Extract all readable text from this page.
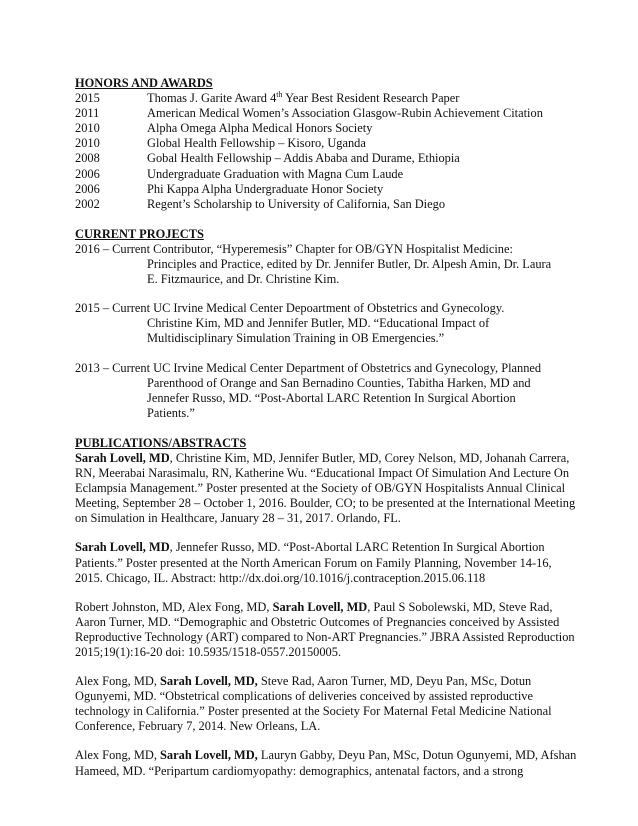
HONORS AND AWARDS
2015	Thomas J. Garite Award 4th Year Best Resident Research Paper
2011	American Medical Women’s Association Glasgow-Rubin Achievement Citation
2010	Alpha Omega Alpha Medical Honors Society
2010	Global Health Fellowship – Kisoro, Uganda
2008	Gobal Health Fellowship – Addis Ababa and Durame, Ethiopia
2006	Undergraduate Graduation with Magna Cum Laude
2006	Phi Kappa Alpha Undergraduate Honor Society
2002	Regent’s Scholarship to University of California, San Diego
CURRENT PROJECTS
2016 – Current Contributor, “Hyperemesis” Chapter for OB/GYN Hospitalist Medicine:
Principles and Practice, edited by Dr. Jennifer Butler, Dr. Alpesh Amin, Dr. Laura
E. Fitzmaurice, and Dr. Christine Kim.
2015 – Current UC Irvine Medical Center Depoartment of Obstetrics and Gynecology.
Christine Kim, MD and Jennifer Butler, MD. “Educational Impact of
Multidisciplinary Simulation Training in OB Emergencies.”
2013 – Current UC Irvine Medical Center Department of Obstetrics and Gynecology, Planned
Parenthood of Orange and San Bernadino Counties, Tabitha Harken, MD and
Jennefer Russo, MD. “Post-Abortal LARC Retention In Surgical Abortion
Patients.”
PUBLICATIONS/ABSTRACTS

Sarah Lovell, MD, Christine Kim, MD, Jennifer Butler, MD, Corey Nelson, MD, Johanah Carrera, RN, Meerabai Narasimalu, RN, Katherine Wu. “Educational Impact Of Simulation And Lecture On Eclampsia Management.” Poster presented at the Society of OB/GYN Hospitalists Annual Clinical Meeting, September 28 – October 1, 2016. Boulder, CO; to be presented at the International Meeting on Simulation in Healthcare, January 28 – 31, 2017. Orlando, FL.

Sarah Lovell, MD, Jennefer Russo, MD. “Post-Abortal LARC Retention In Surgical Abortion Patients.” Poster presented at the North American Forum on Family Planning, November 14-16, 2015. Chicago, IL. Abstract: http://dx.doi.org/10.1016/j.contraception.2015.06.118

Robert Johnston, MD, Alex Fong, MD, Sarah Lovell, MD, Paul S Sobolewski, MD, Steve Rad, Aaron Turner, MD. “Demographic and Obstetric Outcomes of Pregnancies conceived by Assisted Reproductive Technology (ART) compared to Non-ART Pregnancies.” JBRA Assisted Reproduction 2015;19(1):16-20 doi: 10.5935/1518-0557.20150005.

Alex Fong, MD, Sarah Lovell, MD, Steve Rad, Aaron Turner, MD, Deyu Pan, MSc, Dotun Ogunyemi, MD. “Obstetrical complications of deliveries conceived by assisted reproductive technology in California.” Poster presented at the Society For Maternal Fetal Medicine National Conference, February 7, 2014. New Orleans, LA.

Alex Fong, MD, Sarah Lovell, MD, Lauryn Gabby, Deyu Pan, MSc, Dotun Ogunyemi, MD, Afshan Hameed, MD. “Peripartum cardiomyopathy: demographics, antenatal factors, and a strong
